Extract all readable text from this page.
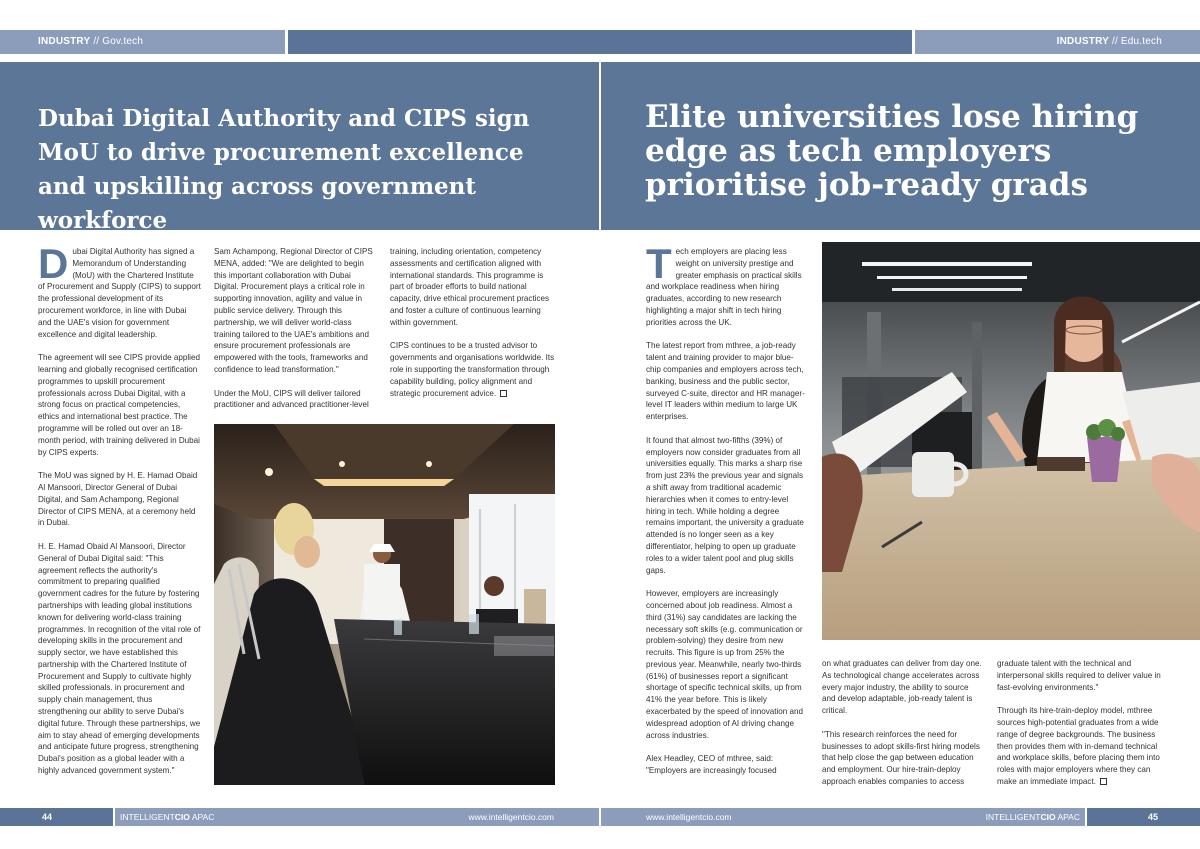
INDUSTRY // Gov.tech	INDUSTRY // Edu.tech
Dubai Digital Authority and CIPS sign MoU to drive procurement excellence and upskilling across government workforce
Elite universities lose hiring edge as tech employers prioritise job-ready grads

Dubai Digital Authority has signed a Memorandum of Understanding (MoU) with the Chartered Institute of Procurement and Supply (CIPS) to support the professional development of its procurement workforce, in line with Dubai and the UAE's vision for government excellence and digital leadership.

The agreement will see CIPS provide applied learning and globally recognised certification programmes to upskill procurement professionals across Dubai Digital, with a strong focus on practical competencies, ethics and international best practice. The programme will be rolled out over an 18-month period, with training delivered in Dubai by CIPS experts.

The MoU was signed by H. E. Hamad Obaid Al Mansoori, Director General of Dubai Digital, and Sam Achampong, Regional Director of CIPS MENA, at a ceremony held in Dubai.

H. E. Hamad Obaid Al Mansoori, Director General of Dubai Digital said: "This agreement reflects the authority's commitment to preparing qualified government cadres for the future by fostering partnerships with leading global institutions known for delivering world-class training programmes. In recognition of the vital role of developing skills in the procurement and supply sector, we have established this partnership with the Chartered Institute of Procurement and Supply to cultivate highly skilled professionals. in procurement and supply chain management, thus strengthening our ability to serve Dubai's digital future. Through these partnerships, we aim to stay ahead of emerging developments and anticipate future progress, strengthening Dubai's position as a global leader with a highly advanced government system."

Sam Achampong, Regional Director of CIPS MENA, added: "We are delighted to begin this important collaboration with Dubai Digital. Procurement plays a critical role in supporting innovation, agility and value in public service delivery. Through this partnership, we will deliver world-class training tailored to the UAE's ambitions and ensure procurement professionals are empowered with the tools, frameworks and confidence to lead transformation."

Under the MoU, CIPS will deliver tailored practitioner and advanced practitioner-level

training, including orientation, competency assessments and certification aligned with international standards. This programme is part of broader efforts to build national capacity, drive ethical procurement practices and foster a culture of continuous learning within government.

CIPS continues to be a trusted advisor to governments and organisations worldwide. Its role in supporting the transformation through capability building, policy alignment and strategic procurement advice.

Tech employers are placing less weight on university prestige and greater emphasis on practical skills and workplace readiness when hiring graduates, according to new research highlighting a major shift in tech hiring priorities across the UK.

The latest report from mthree, a job-ready talent and training provider to major blue-chip companies and employers across tech, banking, business and the public sector, surveyed C-suite, director and HR manager-level IT leaders within medium to large UK enterprises.

It found that almost two-fifths (39%) of employers now consider graduates from all universities equally. This marks a sharp rise from just 23% the previous year and signals a shift away from traditional academic hierarchies when it comes to entry-level hiring in tech. While holding a degree remains important, the university a graduate attended is no longer seen as a key differentiator, helping to open up graduate roles to a wider talent pool and plug skills gaps.

However, employers are increasingly concerned about job readiness. Almost a third (31%) say candidates are lacking the necessary soft skills (e.g. communication or problem-solving) they desire from new recruits. This figure is up from 25% the previous year. Meanwhile, nearly two-thirds (61%) of businesses report a significant shortage of specific technical skills, up from 41% the year before. This is likely exacerbated by the speed of innovation and widespread adoption of AI driving change across industries.

Alex Headley, CEO of mthree, said: "Employers are increasingly focused

on what graduates can deliver from day one. As technological change accelerates across every major industry, the ability to source and develop adaptable, job-ready talent is critical.

"This research reinforces the need for businesses to adopt skills-first hiring models that help close the gap between education and employment. Our hire-train-deploy approach enables companies to access

graduate talent with the technical and interpersonal skills required to deliver value in fast-evolving environments."

Through its hire-train-deploy model, mthree sources high-potential graduates from a wide range of degree backgrounds. The business then provides them with in-demand technical and workplace skills, before placing them into roles with major employers where they can make an immediate impact.

44	INTELLIGENTCIO APAC	www.intelligentcio.com	www.intelligentcio.com	INTELLIGENTCIO APAC	45
